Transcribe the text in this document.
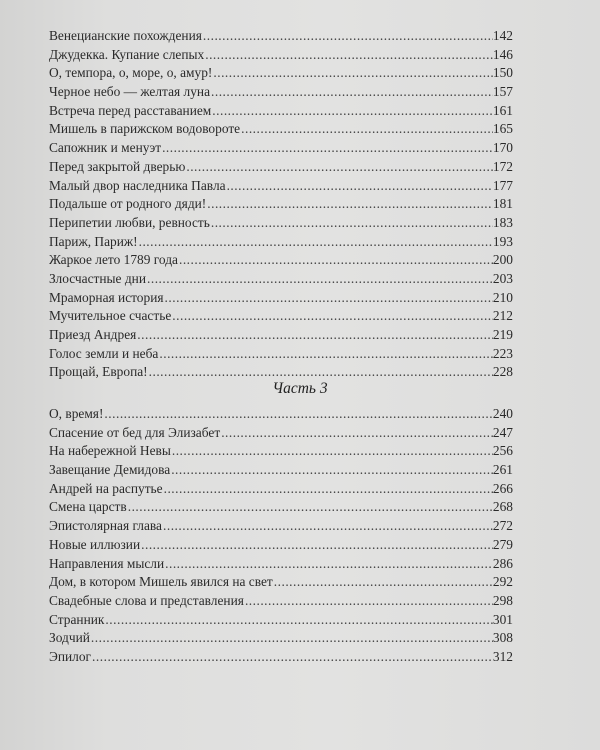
Венецианские похождения .....	142
Джудекка. Купание слепых .....	146
О, темпора, о, море, о, амур! .....	150
Черное небо — желтая луна .....	157
Встреча перед расставанием .....	161
Мишель в парижском водовороте .....	165
Сапожник и менуэт .....	170
Перед закрытой дверью .....	172
Малый двор наследника Павла .....	177
Подальше от родного дяди! .....	181
Перипетии любви, ревность .....	183
Париж, Париж! .....	193
Жаркое лето 1789 года .....	200
Злосчастные дни .....	203
Мраморная история .....	210
Мучительное счастье .....	212
Приезд Андрея .....	219
Голос земли и неба .....	223
Прощай, Европа! .....	228
Часть 3
О, время! .....	240
Спасение от бед для Элизабет .....	247
На набережной Невы .....	256
Завещание Демидова .....	261
Андрей на распутье .....	266
Смена царств .....	268
Эпистолярная глава .....	272
Новые иллюзии .....	279
Направления мысли .....	286
Дом, в котором Мишель явился на свет .....	292
Свадебные слова и представления .....	298
Странник .....	301
Зодчий .....	308
Эпилог .....	312
